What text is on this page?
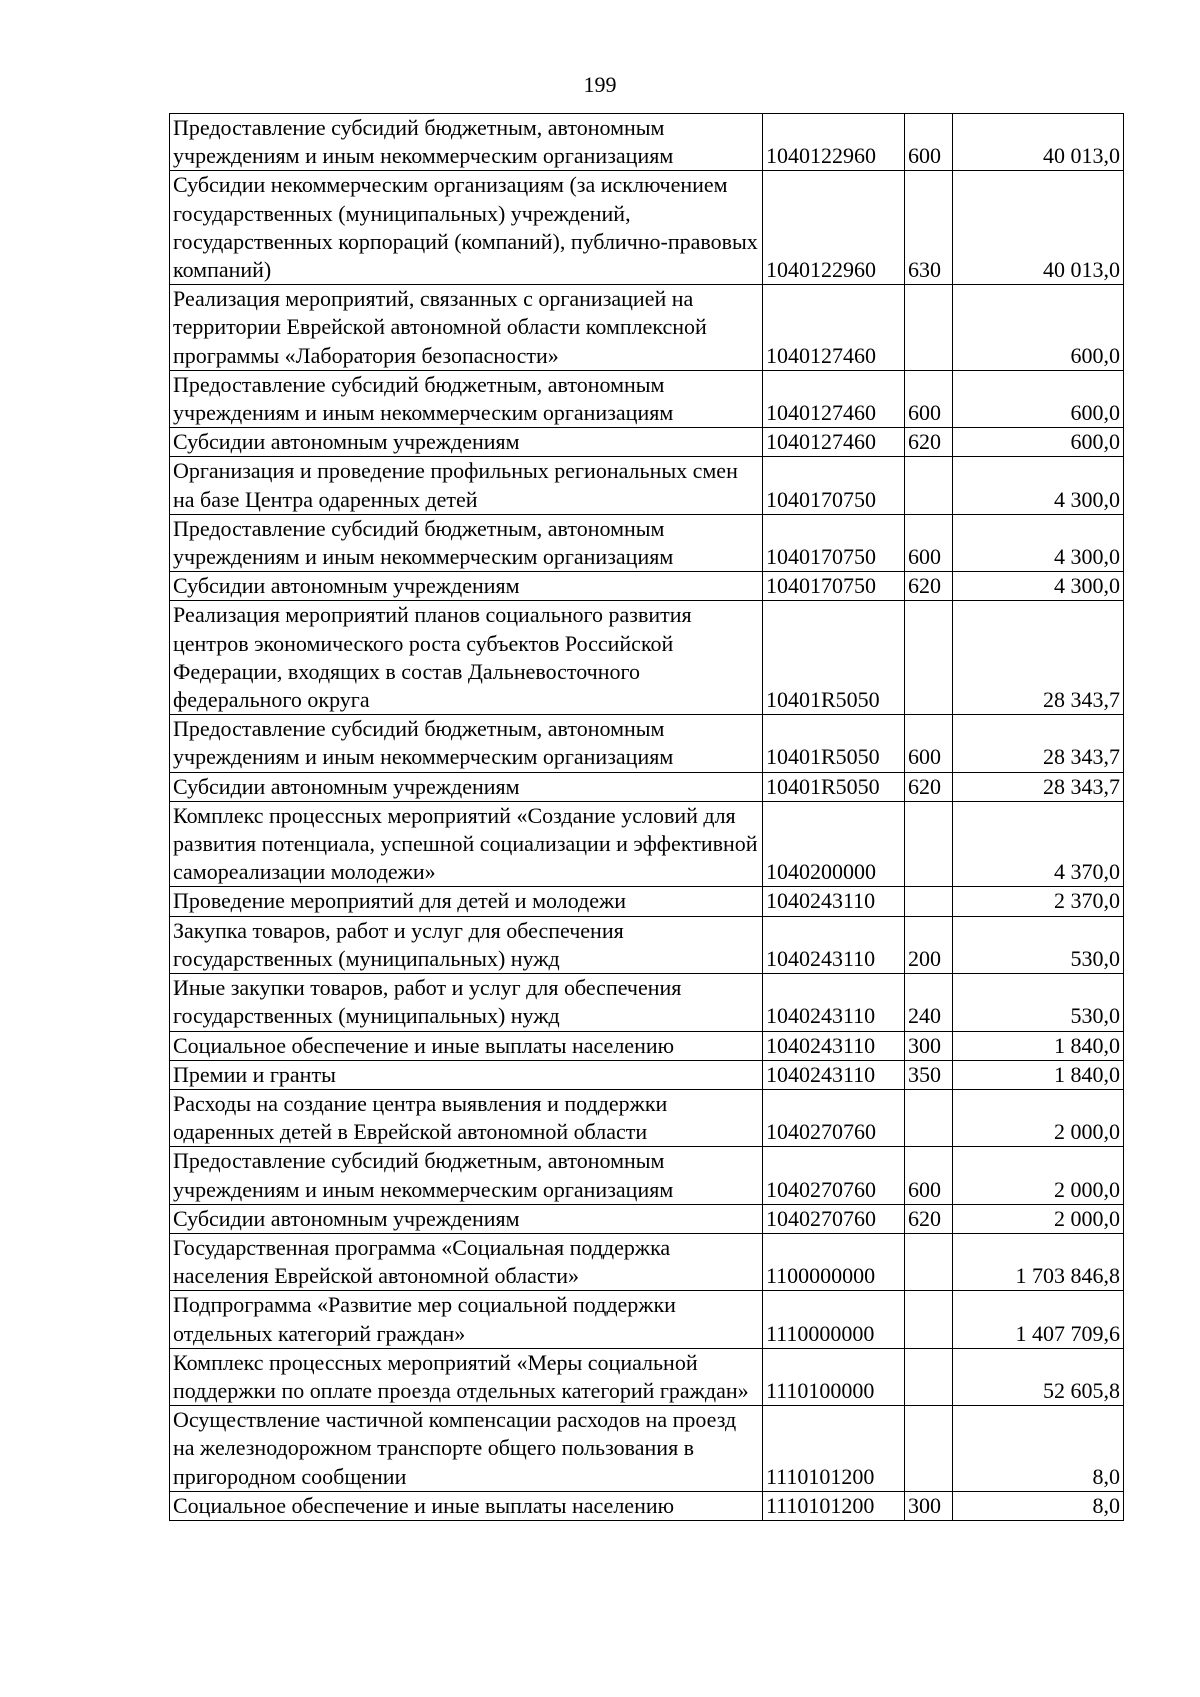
199
Предоставление субсидий бюджетным, автономным учреждениям и иным некоммерческим организациям	1040122960	600	40 013,0
Субсидии некоммерческим организациям (за исключением государственных (муниципальных) учреждений, государственных корпораций (компаний), публично-правовых компаний)	1040122960	630	40 013,0
Реализация мероприятий, связанных с организацией на территории Еврейской автономной области комплексной программы «Лаборатория безопасности»	1040127460		600,0
Предоставление субсидий бюджетным, автономным учреждениям и иным некоммерческим организациям	1040127460	600	600,0
Субсидии автономным учреждениям	1040127460	620	600,0
Организация и проведение профильных региональных смен на базе Центра одаренных детей	1040170750		4 300,0
Предоставление субсидий бюджетным, автономным учреждениям и иным некоммерческим организациям	1040170750	600	4 300,0
Субсидии автономным учреждениям	1040170750	620	4 300,0
Реализация мероприятий планов социального развития центров экономического роста субъектов Российской Федерации, входящих в состав Дальневосточного федерального округа	10401R5050		28 343,7
Предоставление субсидий бюджетным, автономным учреждениям и иным некоммерческим организациям	10401R5050	600	28 343,7
Субсидии автономным учреждениям	10401R5050	620	28 343,7
Комплекс процессных мероприятий «Создание условий для развития потенциала, успешной социализации и эффективной самореализации молодежи»	1040200000		4 370,0
Проведение мероприятий для детей и молодежи	1040243110		2 370,0
Закупка товаров, работ и услуг для обеспечения государственных (муниципальных) нужд	1040243110	200	530,0
Иные закупки товаров, работ и услуг для обеспечения государственных (муниципальных) нужд	1040243110	240	530,0
Социальное обеспечение и иные выплаты населению	1040243110	300	1 840,0
Премии и гранты	1040243110	350	1 840,0
Расходы на создание центра выявления и поддержки одаренных детей в Еврейской автономной области	1040270760		2 000,0
Предоставление субсидий бюджетным, автономным учреждениям и иным некоммерческим организациям	1040270760	600	2 000,0
Субсидии автономным учреждениям	1040270760	620	2 000,0
Государственная программа «Социальная поддержка населения Еврейской автономной области»	1100000000		1 703 846,8
Подпрограмма «Развитие мер социальной поддержки отдельных категорий граждан»	1110000000		1 407 709,6
Комплекс процессных мероприятий «Меры социальной поддержки по оплате проезда отдельных категорий граждан»	1110100000		52 605,8
Осуществление частичной компенсации расходов на проезд на железнодорожном транспорте общего пользования в пригородном сообщении	1110101200		8,0
Социальное обеспечение и иные выплаты населению	1110101200	300	8,0
